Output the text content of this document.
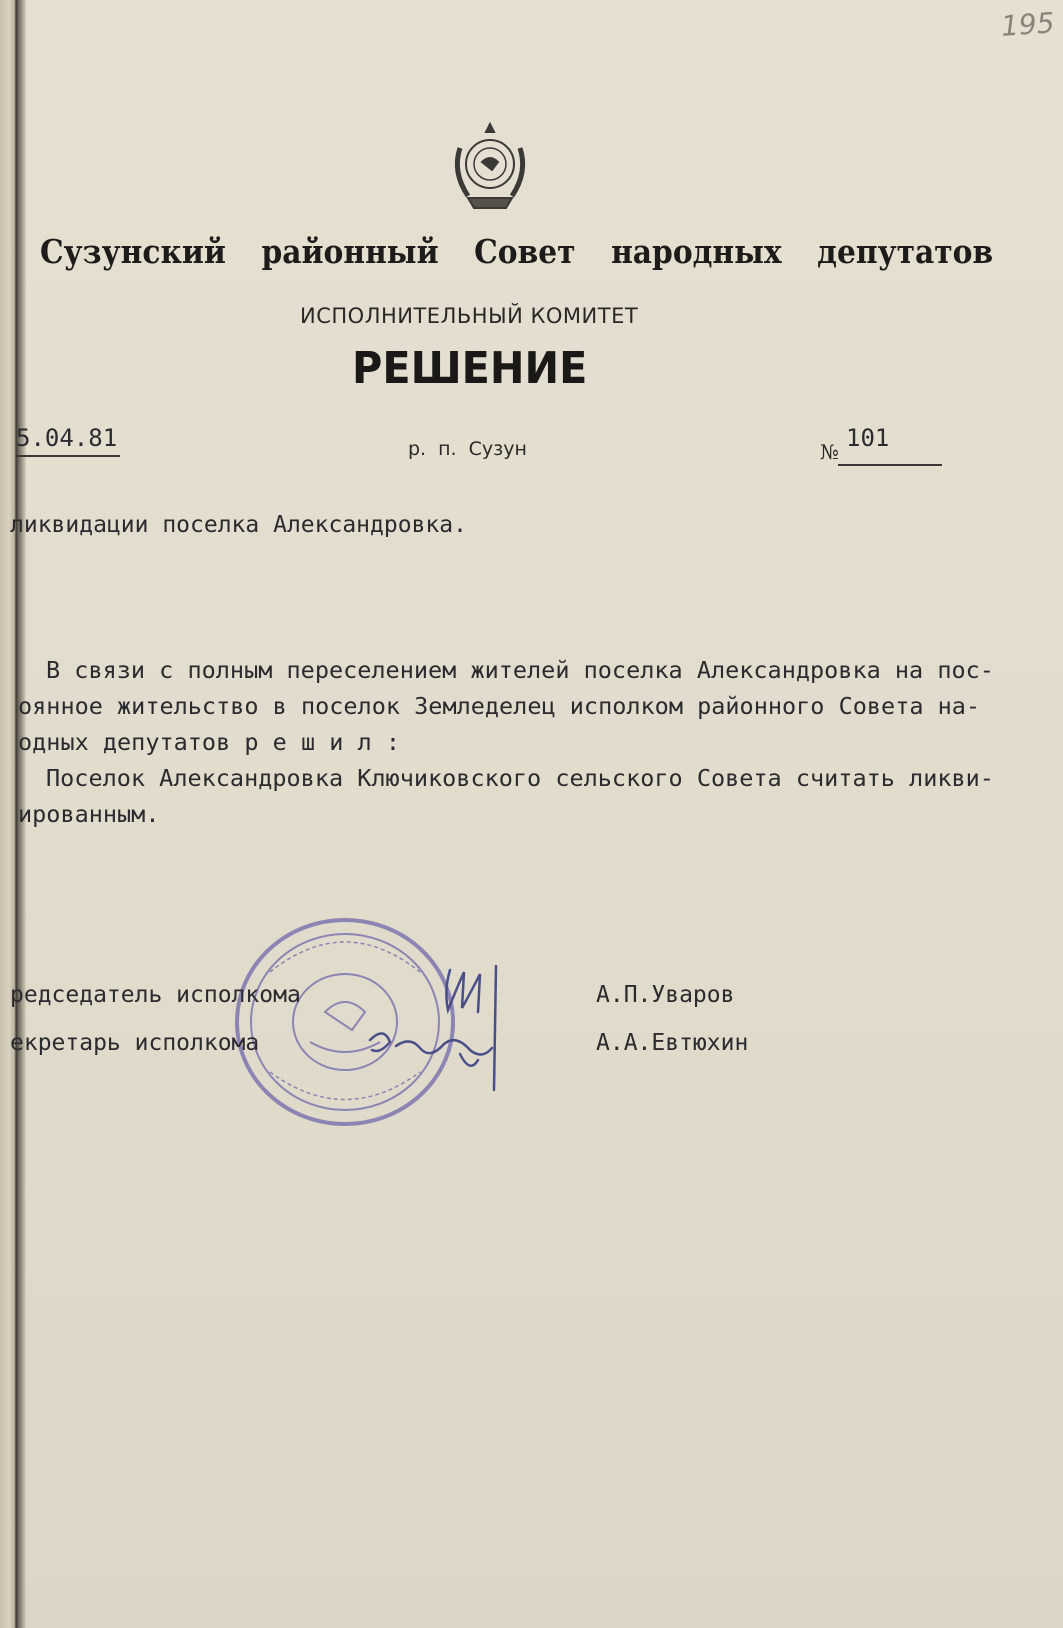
195
Сузунский районный Совет народных депутатов
ИСПОЛНИТЕЛЬНЫЙ КОМИТЕТ
РЕШЕНИЕ
5.04.81	р. п. Сузун	№ 101
ликвидации поселка Александровка.
В связи с полным переселением жителей поселка Александровка на пос-
оянное жительство в поселок Земледелец исполком районного Совета на-
одных депутатов р е ш и л :
Поселок Александровка Ключиковского сельского Совета считать ликви-
ированным.
редседатель исполкома
екретарь исполкома
А.П.Уваров
А.А.Евтюхин
